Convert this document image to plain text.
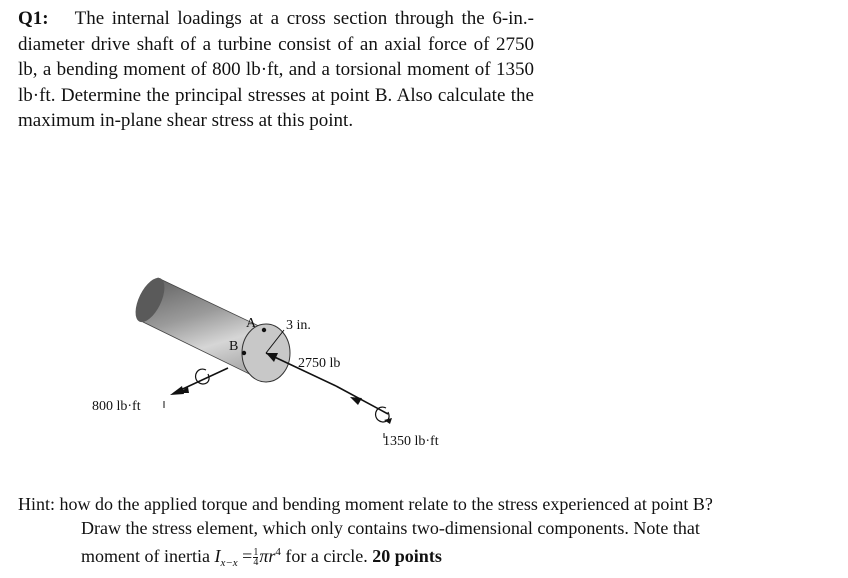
Q1: The internal loadings at a cross section through the 6-in.-diameter drive shaft of a turbine consist of an axial force of 2750 lb, a bending moment of 800 lb·ft, and a torsional moment of 1350 lb·ft. Determine the principal stresses at point B. Also calculate the maximum in-plane shear stress at this point.
A
B
3 in.
2750 lb
800 lb·ft
1350 lb·ft
Hint: how do the applied torque and bending moment relate to the stress experienced at point B?
Draw the stress element, which only contains two-dimensional components. Note that
moment of inertia $I_{x-x} = \frac{1}{4} \pi r^4$ for a circle. 20 points
